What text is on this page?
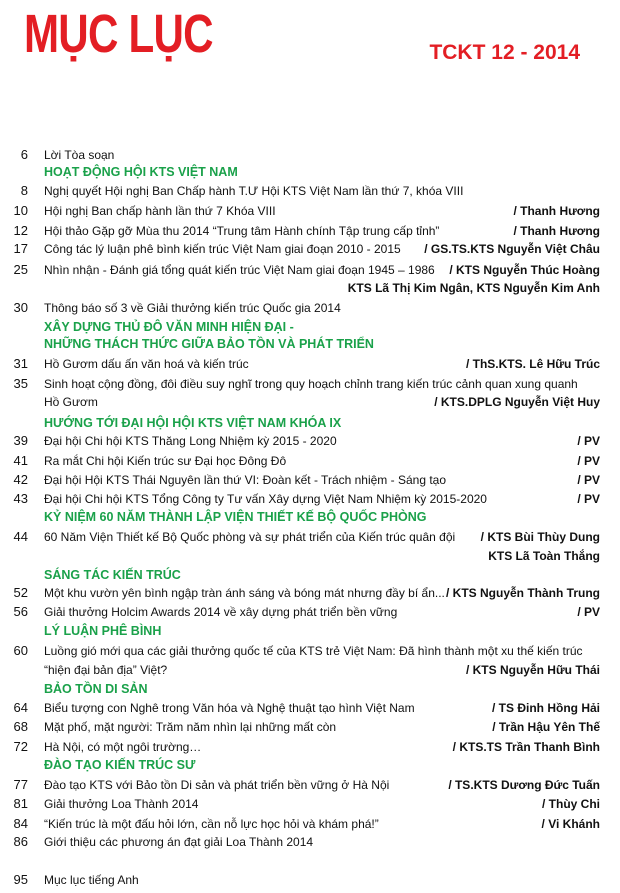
MỤC LỤC	TCKT 12 - 2014
6 Lời Tòa soạn
HOẠT ĐỘNG HỘI KTS VIỆT NAM
8 Nghị quyết Hội nghị Ban Chấp hành T.Ư Hội KTS Việt Nam lần thứ 7, khóa VIII
10 Hội nghị Ban chấp hành lần thứ 7 Khóa VIII	/ Thanh Hương
12 Hội thảo Gặp gỡ Mùa thu 2014 “Trung tâm Hành chính Tập trung cấp tỉnh”	/ Thanh Hương
17 Công tác lý luận phê bình kiến trúc Việt Nam giai đoạn 2010 - 2015 / GS.TS.KTS Nguyễn Việt Châu
25 Nhìn nhận - Đánh giá tổng quát kiến trúc Việt Nam giai đoạn 1945 – 1986 / KTS Nguyễn Thúc Hoàng
KTS Lã Thị Kim Ngân, KTS Nguyễn Kim Anh
30 Thông báo số 3 về Giải thưởng kiến trúc Quốc gia 2014
XÂY DỰNG THỦ ĐÔ VĂN MINH HIỆN ĐẠI -
NHỮNG THÁCH THỨC GIỮA BẢO TỒN VÀ PHÁT TRIỂN
31 Hồ Gươm dấu ấn văn hoá và kiến trúc	/ ThS.KTS. Lê Hữu Trúc
35 Sinh hoạt cộng đồng, đôi điều suy nghĩ trong quy hoạch chỉnh trang kiến trúc cảnh quan xung quanh
Hồ Gươm	/ KTS.DPLG Nguyễn Việt Huy
HƯỚNG TỚI ĐẠI HỘI HỘI KTS VIỆT NAM KHÓA IX
39 Đại hội Chi hội KTS Thăng Long Nhiệm kỳ 2015 - 2020	/ PV
41 Ra mắt Chi hội Kiến trúc sư Đại học Đông Đô	/ PV
42 Đại hội Hội KTS Thái Nguyên lần thứ VI: Đoàn kết - Trách nhiệm - Sáng tạo	/ PV
43 Đại hội Chi hội KTS Tổng Công ty Tư vấn Xây dựng Việt Nam Nhiệm kỳ 2015-2020	/ PV
KỶ NIỆM 60 NĂM THÀNH LẬP VIỆN THIẾT KẾ BỘ QUỐC PHÒNG
44 60 Năm Viện Thiết kế Bộ Quốc phòng và sự phát triển của Kiến trúc quân đội / KTS Bùi Thùy Dung
KTS Lã Toàn Thắng
SÁNG TÁC KIẾN TRÚC
52 Một khu vườn yên bình ngập tràn ánh sáng và bóng mát nhưng đầy bí ẩn... / KTS Nguyễn Thành Trung
56 Giải thưởng Holcim Awards 2014 về xây dựng phát triển bền vững	/ PV
LÝ LUẬN PHÊ BÌNH
60 Luồng gió mới qua các giải thưởng quốc tế của KTS trẻ Việt Nam: Đã hình thành một xu thế kiến trúc
“hiện đại bản địa” Việt?	/ KTS Nguyễn Hữu Thái
BẢO TỒN DI SẢN
64 Biểu tượng con Nghê trong Văn hóa và Nghệ thuật tạo hình Việt Nam	/ TS Đinh Hồng Hải
68 Mặt phố, mặt người: Trăm năm nhìn lại những mất còn	/ Trần Hậu Yên Thế
72 Hà Nội, có một ngôi trường…	/ KTS.TS Trần Thanh Bình
ĐÀO TẠO KIẾN TRÚC SƯ
77 Đào tạo KTS với Bảo tồn Di sản và phát triển bền vững ở Hà Nội	/ TS.KTS Dương Đức Tuấn
81 Giải thưởng Loa Thành 2014	/ Thùy Chi
84 “Kiến trúc là một đấu hỏi lớn, cần nỗ lực học hỏi và khám phá!”	/ Vi Khánh
86 Giới thiệu các phương án đạt giải Loa Thành 2014
95 Mục lục tiếng Anh
